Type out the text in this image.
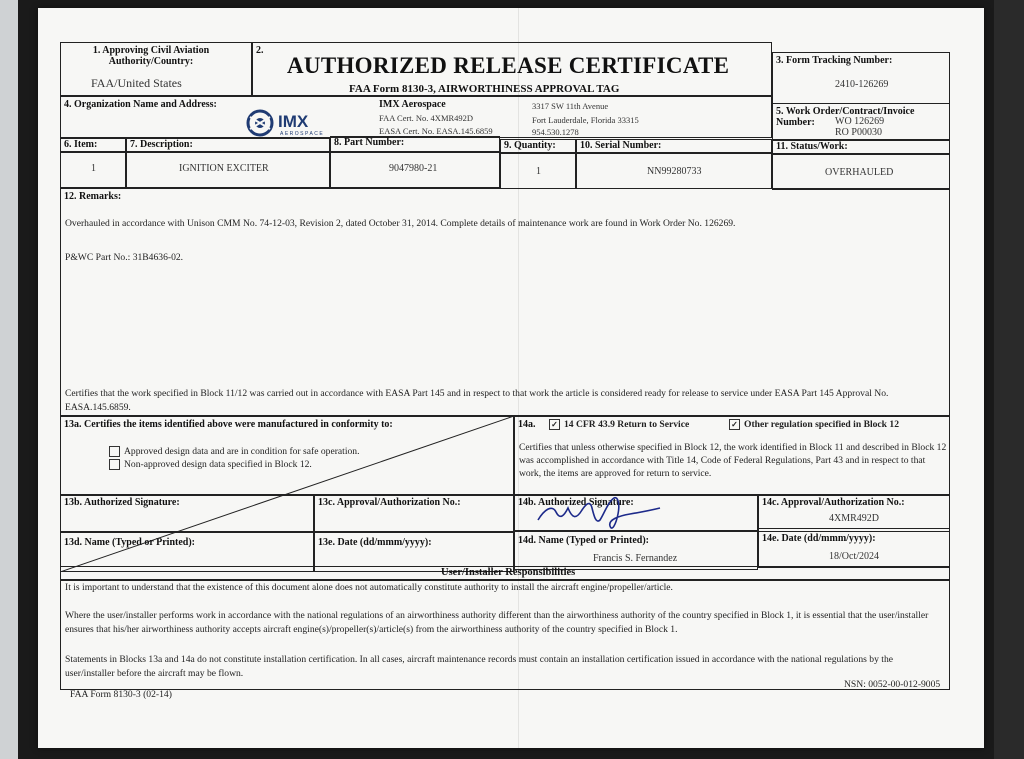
1. Approving Civil Aviation Authority/Country:
FAA/United States
2.
AUTHORIZED RELEASE CERTIFICATE
FAA Form 8130-3, AIRWORTHINESS APPROVAL TAG
3. Form Tracking Number:
2410-126269
4. Organization Name and Address:	IMX Aerospace
FAA Cert. No. 4XMR492D
EASA Cert. No. EASA.145.6859
3317 SW 11th Avenue
Fort Lauderdale, Florida 33315
954.530.1278
IMX
AEROSPACE
5. Work Order/Contract/Invoice Number:	WO 126269
RO P00030
6. Item:	7. Description:	8. Part Number:	9. Quantity: 10. Serial Number:	11. Status/Work:
1	IGNITION EXCITER	9047980-21	1	NN99280733	OVERHAULED
12. Remarks:
Overhauled in accordance with Unison CMM No. 74-12-03, Revision 2, dated October 31, 2014. Complete details of maintenance work are found in Work Order No. 126269.
P&WC Part No.: 31B4636-02.
Certifies that the work specified in Block 11/12 was carried out in accordance with EASA Part 145 and in respect to that work the article is considered ready for release to service under EASA Part 145 Approval No. EASA.145.6859.
13a. Certifies the items identified above were manufactured in conformity to:
Approved design data and are in condition for safe operation.
Non-approved design data specified in Block 12.
14a. ✓ 14 CFR 43.9 Return to Service	✓ Other regulation specified in Block 12
Certifies that unless otherwise specified in Block 12, the work identified in Block 11 and described in Block 12 was accomplished in accordance with Title 14, Code of Federal Regulations, Part 43 and in respect to that work, the items are approved for return to service.
13b. Authorized Signature:	13c. Approval/Authorization No.:	14b. Authorized Signature:	14c. Approval/Authorization No.:
4XMR492D
13d. Name (Typed or Printed):	13e. Date (dd/mmm/yyyy):	14d. Name (Typed or Printed):
Francis S. Fernandez
14e. Date (dd/mmm/yyyy):
18/Oct/2024
User/Installer Responsibilities
It is important to understand that the existence of this document alone does not automatically constitute authority to install the aircraft engine/propeller/article.
Where the user/installer performs work in accordance with the national regulations of an airworthiness authority different than the airworthiness authority of the country specified in Block 1, it is essential that the user/installer ensures that his/her airworthiness authority accepts aircraft engine(s)/propeller(s)/article(s) from the airworthiness authority of the country specified in Block 1.
Statements in Blocks 13a and 14a do not constitute installation certification. In all cases, aircraft maintenance records must contain an installation certification issued in accordance with the national regulations by the user/installer before the aircraft may be flown.
FAA Form 8130-3 (02-14)
NSN: 0052-00-012-9005
